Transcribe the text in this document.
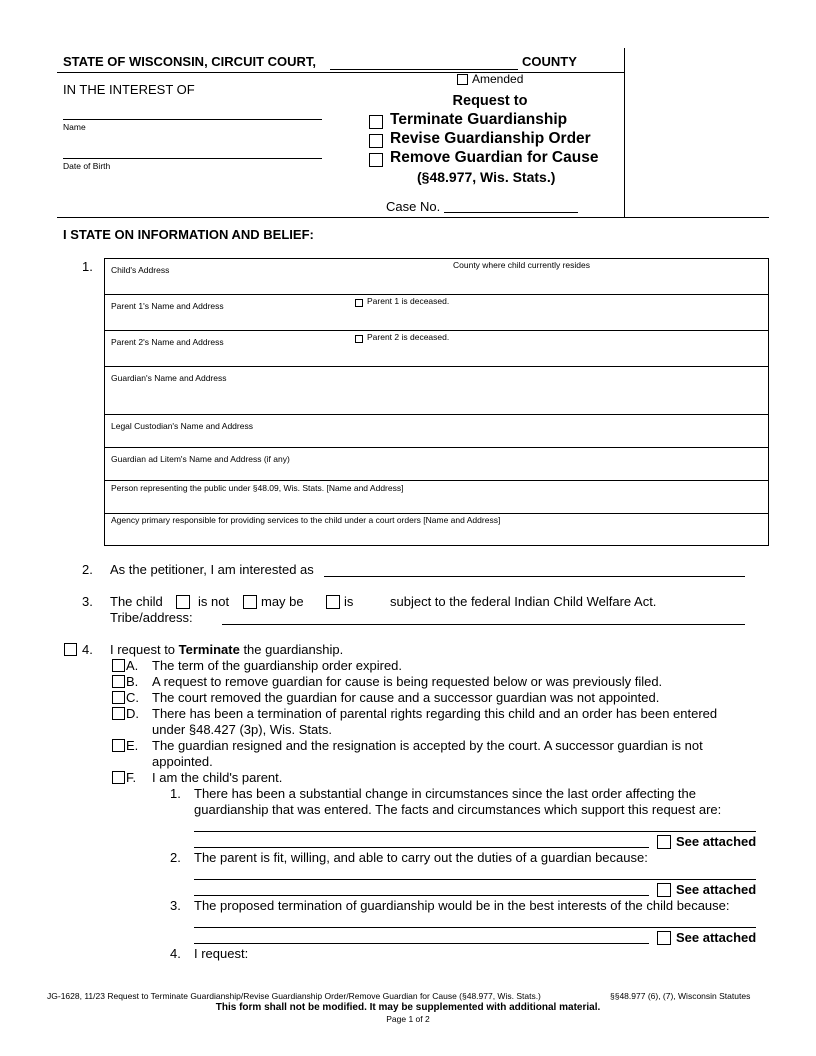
STATE OF WISCONSIN, CIRCUIT COURT,	COUNTY
Amended
IN THE INTEREST OF
Name
Date of Birth
Request to
Terminate Guardianship
Revise Guardianship Order
Remove Guardian for Cause
(§48.977, Wis. Stats.)
Case No.
I STATE ON INFORMATION AND BELIEF:
1. Child's Address	County where child currently resides
Parent 1's Name and Address	Parent 1 is deceased.
Parent 2's Name and Address	Parent 2 is deceased.
Guardian's Name and Address
Legal Custodian's Name and Address
Guardian ad Litem's Name and Address (if any)
Person representing the public under §48.09, Wis. Stats. [Name and Address]
Agency primary responsible for providing services to the child under a court orders [Name and Address]
2. As the petitioner, I am interested as
3. The child	is not may be	is	subject to the federal Indian Child Welfare Act.
Tribe/address:
4. I request to Terminate the guardianship.
A. The term of the guardianship order expired.
B. A request to remove guardian for cause is being requested below or was previously filed.
C. The court removed the guardian for cause and a successor guardian was not appointed.
D. There has been a termination of parental rights regarding this child and an order has been entered
under §48.427 (3p), Wis. Stats.
E. The guardian resigned and the resignation is accepted by the court. A successor guardian is not
appointed.
F. I am the child's parent.
1. There has been a substantial change in circumstances since the last order affecting the
guardianship that was entered. The facts and circumstances which support this request are:
See attached
2. The parent is fit, willing, and able to carry out the duties of a guardian because:
See attached
3. The proposed termination of guardianship would be in the best interests of the child because:
See attached
4. I request:
JG-1628, 11/23 Request to Terminate Guardianship/Revise Guardianship Order/Remove Guardian for Cause (§48.977, Wis. Stats.)	§§48.977 (6), (7), Wisconsin Statutes
This form shall not be modified. It may be supplemented with additional material.
Page 1 of 2
